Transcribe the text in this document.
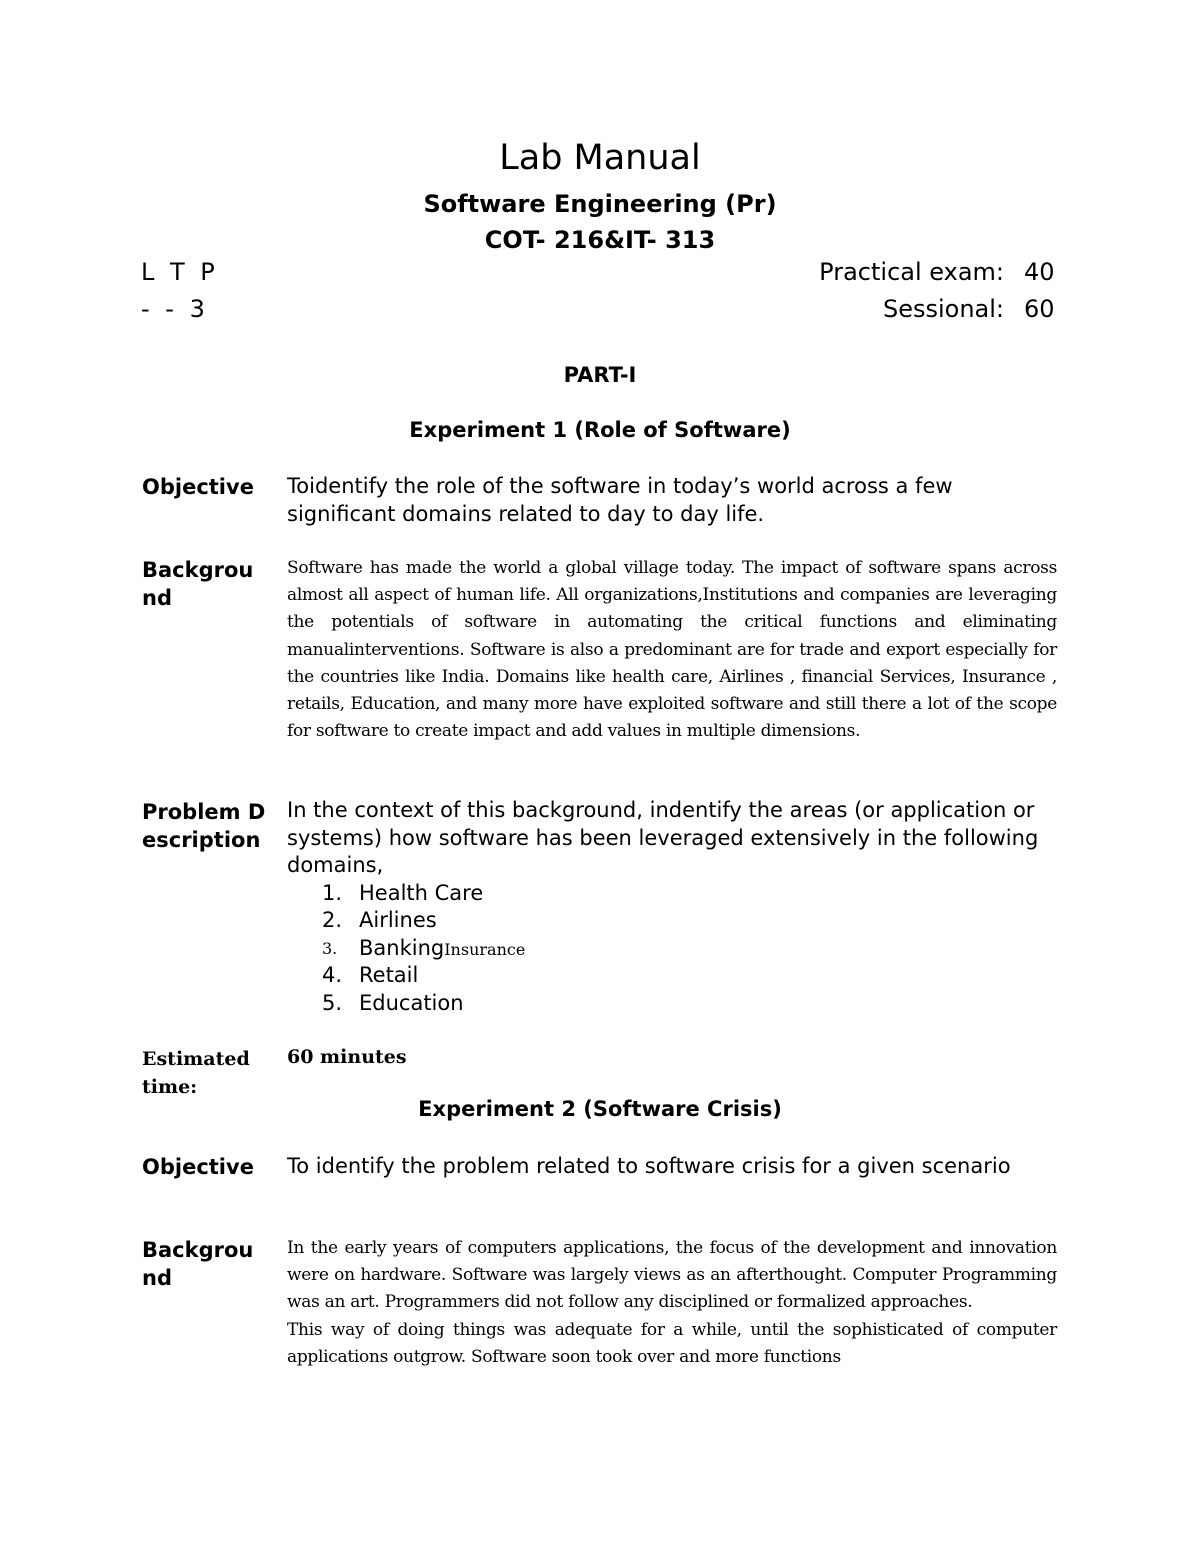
Lab Manual
Software Engineering (Pr)
COT- 216&IT- 313
L T P
- - 3
Practical exam: 40
Sessional: 60
PART-I
Experiment 1 (Role of Software)
Objective	Toidentify the role of the software in today’s world across a few significant domains related to day to day life.

Background

Software has made the world a global village today. The impact of software spans across almost all aspect of human life. All organizations,Institutions and companies are leveraging the potentials of software in automating the critical functions and eliminating manualinterventions. Software is also a predominant are for trade and export especially for the countries like India. Domains like health care, Airlines , financial Services, Insurance , retails, Education, and many more have exploited software and still there a lot of the scope for software to create impact and add values in multiple dimensions.

Problem Description

In the context of this background, indentify the areas (or application or systems) how software has been leveraged extensively in the following domains,

1. Health Care
2. Airlines
3. BankingInsurance
4. Retail
5. Education
Estimated time:
60 minutes
Experiment 2 (Software Crisis)
Objective	To identify the problem related to software crisis for a given scenario

Background

In the early years of computers applications, the focus of the development and innovation were on hardware. Software was largely views as an afterthought. Computer Programming was an art. Programmers did not follow any disciplined or formalized approaches.

This way of doing things was adequate for a while, until the sophisticated of computer applications outgrow. Software soon took over and more functions
